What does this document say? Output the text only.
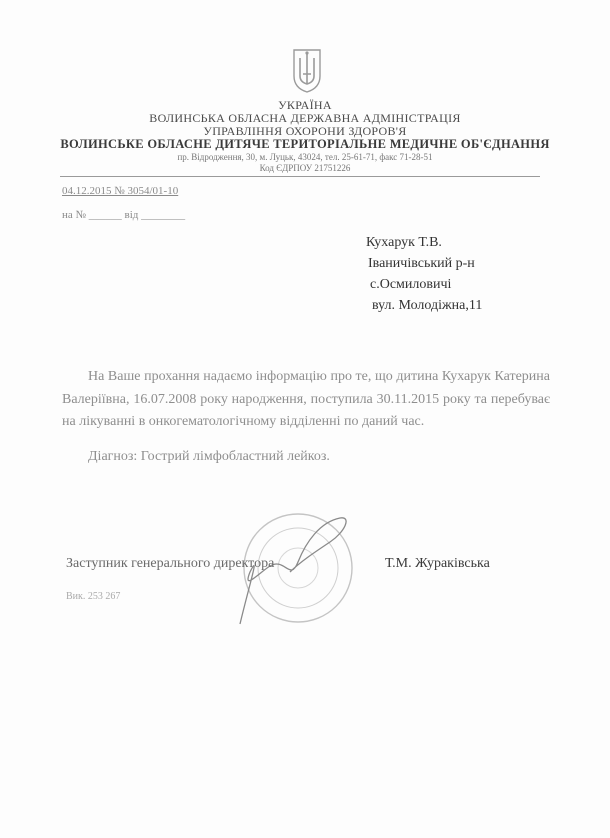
УКРАЇНА
ВОЛИНСЬКА ОБЛАСНА ДЕРЖАВНА АДМІНІСТРАЦІЯ
УПРАВЛІННЯ ОХОРОНИ ЗДОРОВ'Я
ВОЛИНСЬКЕ ОБЛАСНЕ ДИТЯЧЕ ТЕРИТОРІАЛЬНЕ МЕДИЧНЕ ОБ'ЄДНАННЯ
пр. Відродження, 30, м. Луцьк, 43024, тел. 25-61-71, факс 71-28-51
Код ЄДРПОУ 21751226
04.12.2015 № 3054/01-10
на № ______ від ________
Кухарук Т.В.
Іваничівський р-н
с.Осмиловичі
вул. Молодіжна,11

На Ваше прохання надаємо інформацію про те, що дитина Кухарук Катерина Валеріївна, 16.07.2008 року народження, поступила 30.11.2015 року та перебуває на лікуванні в онкогематологічному відділенні по даний час.

Діагноз: Гострий лімфобластний лейкоз.

Заступник генерального директора	Т.М. Жураківська
Вик. 253 267
